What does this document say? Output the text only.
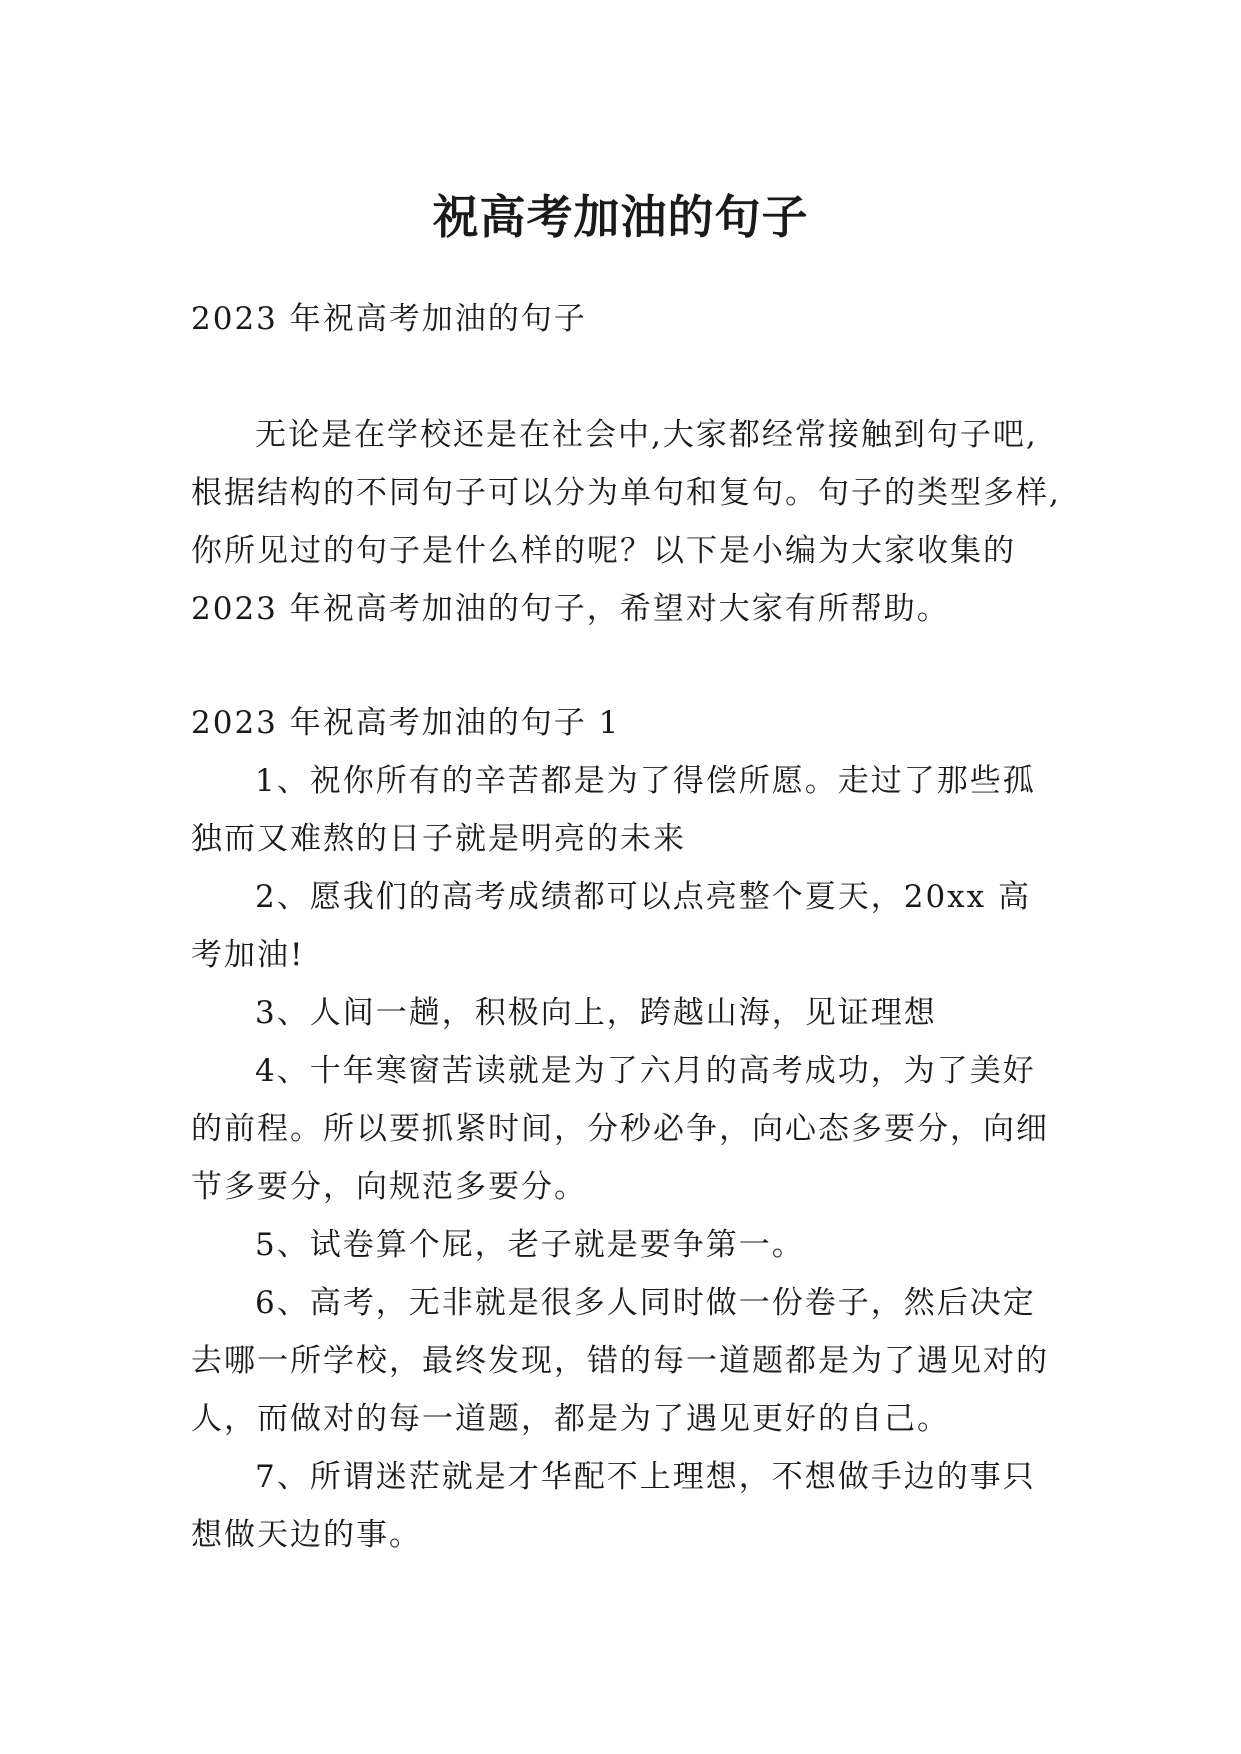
祝高考加油的句子

2023 年祝高考加油的句子

无论是在学校还是在社会中,大家都经常接触到句子吧,根据结构的不同句子可以分为单句和复句。句子的类型多样,你所见过的句子是什么样的呢？以下是小编为大家收集的 2023 年祝高考加油的句子，希望对大家有所帮助。

2023 年祝高考加油的句子 1

1、祝你所有的辛苦都是为了得偿所愿。走过了那些孤独而又难熬的日子就是明亮的未来

2、愿我们的高考成绩都可以点亮整个夏天，20xx 高考加油!

3、人间一趟，积极向上，跨越山海，见证理想

4、十年寒窗苦读就是为了六月的高考成功，为了美好的前程。所以要抓紧时间，分秒必争，向心态多要分，向细节多要分，向规范多要分。

5、试卷算个屁，老子就是要争第一。

6、高考，无非就是很多人同时做一份卷子，然后决定去哪一所学校，最终发现，错的每一道题都是为了遇见对的人，而做对的每一道题，都是为了遇见更好的自己。

7、所谓迷茫就是才华配不上理想，不想做手边的事只想做天边的事。
